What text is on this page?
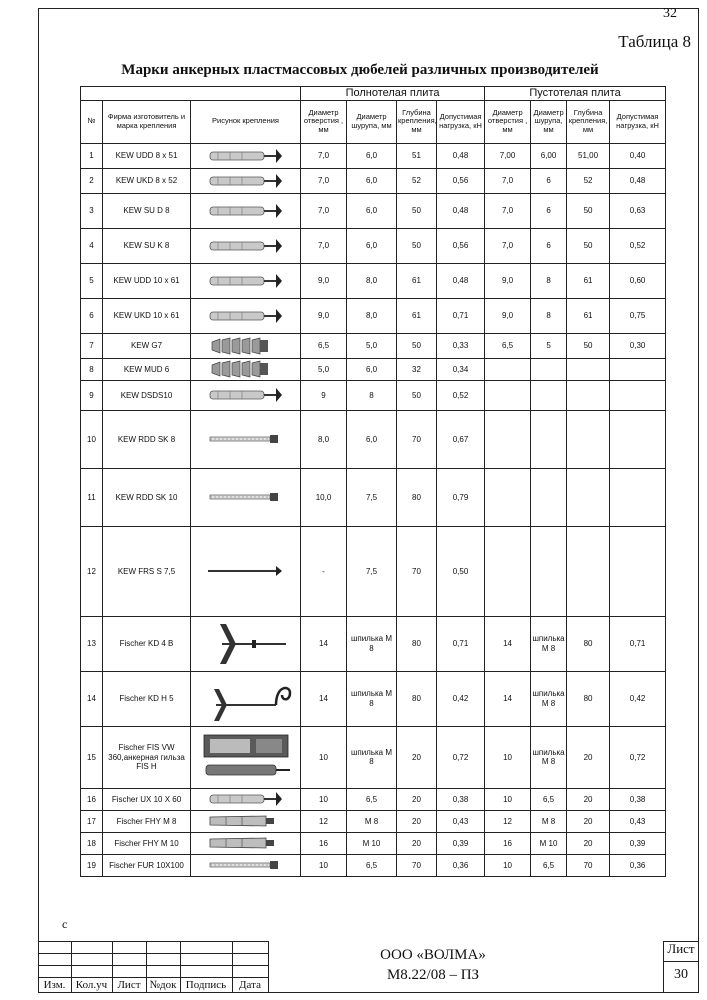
32
Таблица 8
Марки анкерных пластмассовых дюбелей различных производителей
			Полнотелая плита				Пустотелая плита			
№	Фирма изготовитель и марка крепления	Рисунок крепления	Диаметр отверстия , мм	Диаметр шурупа, мм	Глубина крепления, мм	Допустимая нагрузка, кН	Диаметр отверстия , мм	Диаметр шурупа, мм	Глубина крепления, мм	Допустимая нагрузка, кН
1	KEW UDD 8 х 51		7,0	6,0	51	0,48	7,00	6,00	51,00	0,40
2	KEW UKD 8 х 52		7,0	6,0	52	0,56	7,0	6	52	0,48
3	KEW SU D 8		7,0	6,0	50	0,48	7,0	6	50	0,63
4	KEW SU K 8		7,0	6,0	50	0,56	7,0	6	50	0,52
5	KEW UDD 10 х 61		9,0	8,0	61	0,48	9,0	8	61	0,60
6	KEW UKD 10 х 61		9,0	8,0	61	0,71	9,0	8	61	0,75
7	KEW G7		6,5	5,0	50	0,33	6,5	5	50	0,30
8	KEW MUD 6		5,0	6,0	32	0,34				
9	KEW DSDS10		9	8	50	0,52				
10	KEW RDD SK 8		8,0	6,0	70	0,67				
11	KEW RDD SK 10		10,0	7,5	80	0,79				
12	KEW FRS S 7,5		-	7,5	70	0,50				
13	Fischer KD 4 B		14	шпилька М 8	80	0,71	14	шпилька М 8	80	0,71
14	Fischer KD H 5		14	шпилька М 8	80	0,42	14	шпилька М 8	80	0,42
15	Fischer FIS VW 360,анкерная гильза FIS H		10	шпилька М 8	20	0,72	10	шпилька М 8	20	0,72
16	Fischer UX 10 X 60		10	6,5	20	0,38	10	6,5	20	0,38
17	Fischer FHY M 8		12	М 8	20	0,43	12	М 8	20	0,43
18	Fischer FHY M 10		16	М 10	20	0,39	16	М 10	20	0,39
19	Fischer FUR 10X100		10	6,5	70	0,36	10	6,5	70	0,36
с
Изм. Кол.уч Лист №док Подпись	Дата
ООО «ВОЛМА»
М8.22/08 – ПЗ
Лист
30
